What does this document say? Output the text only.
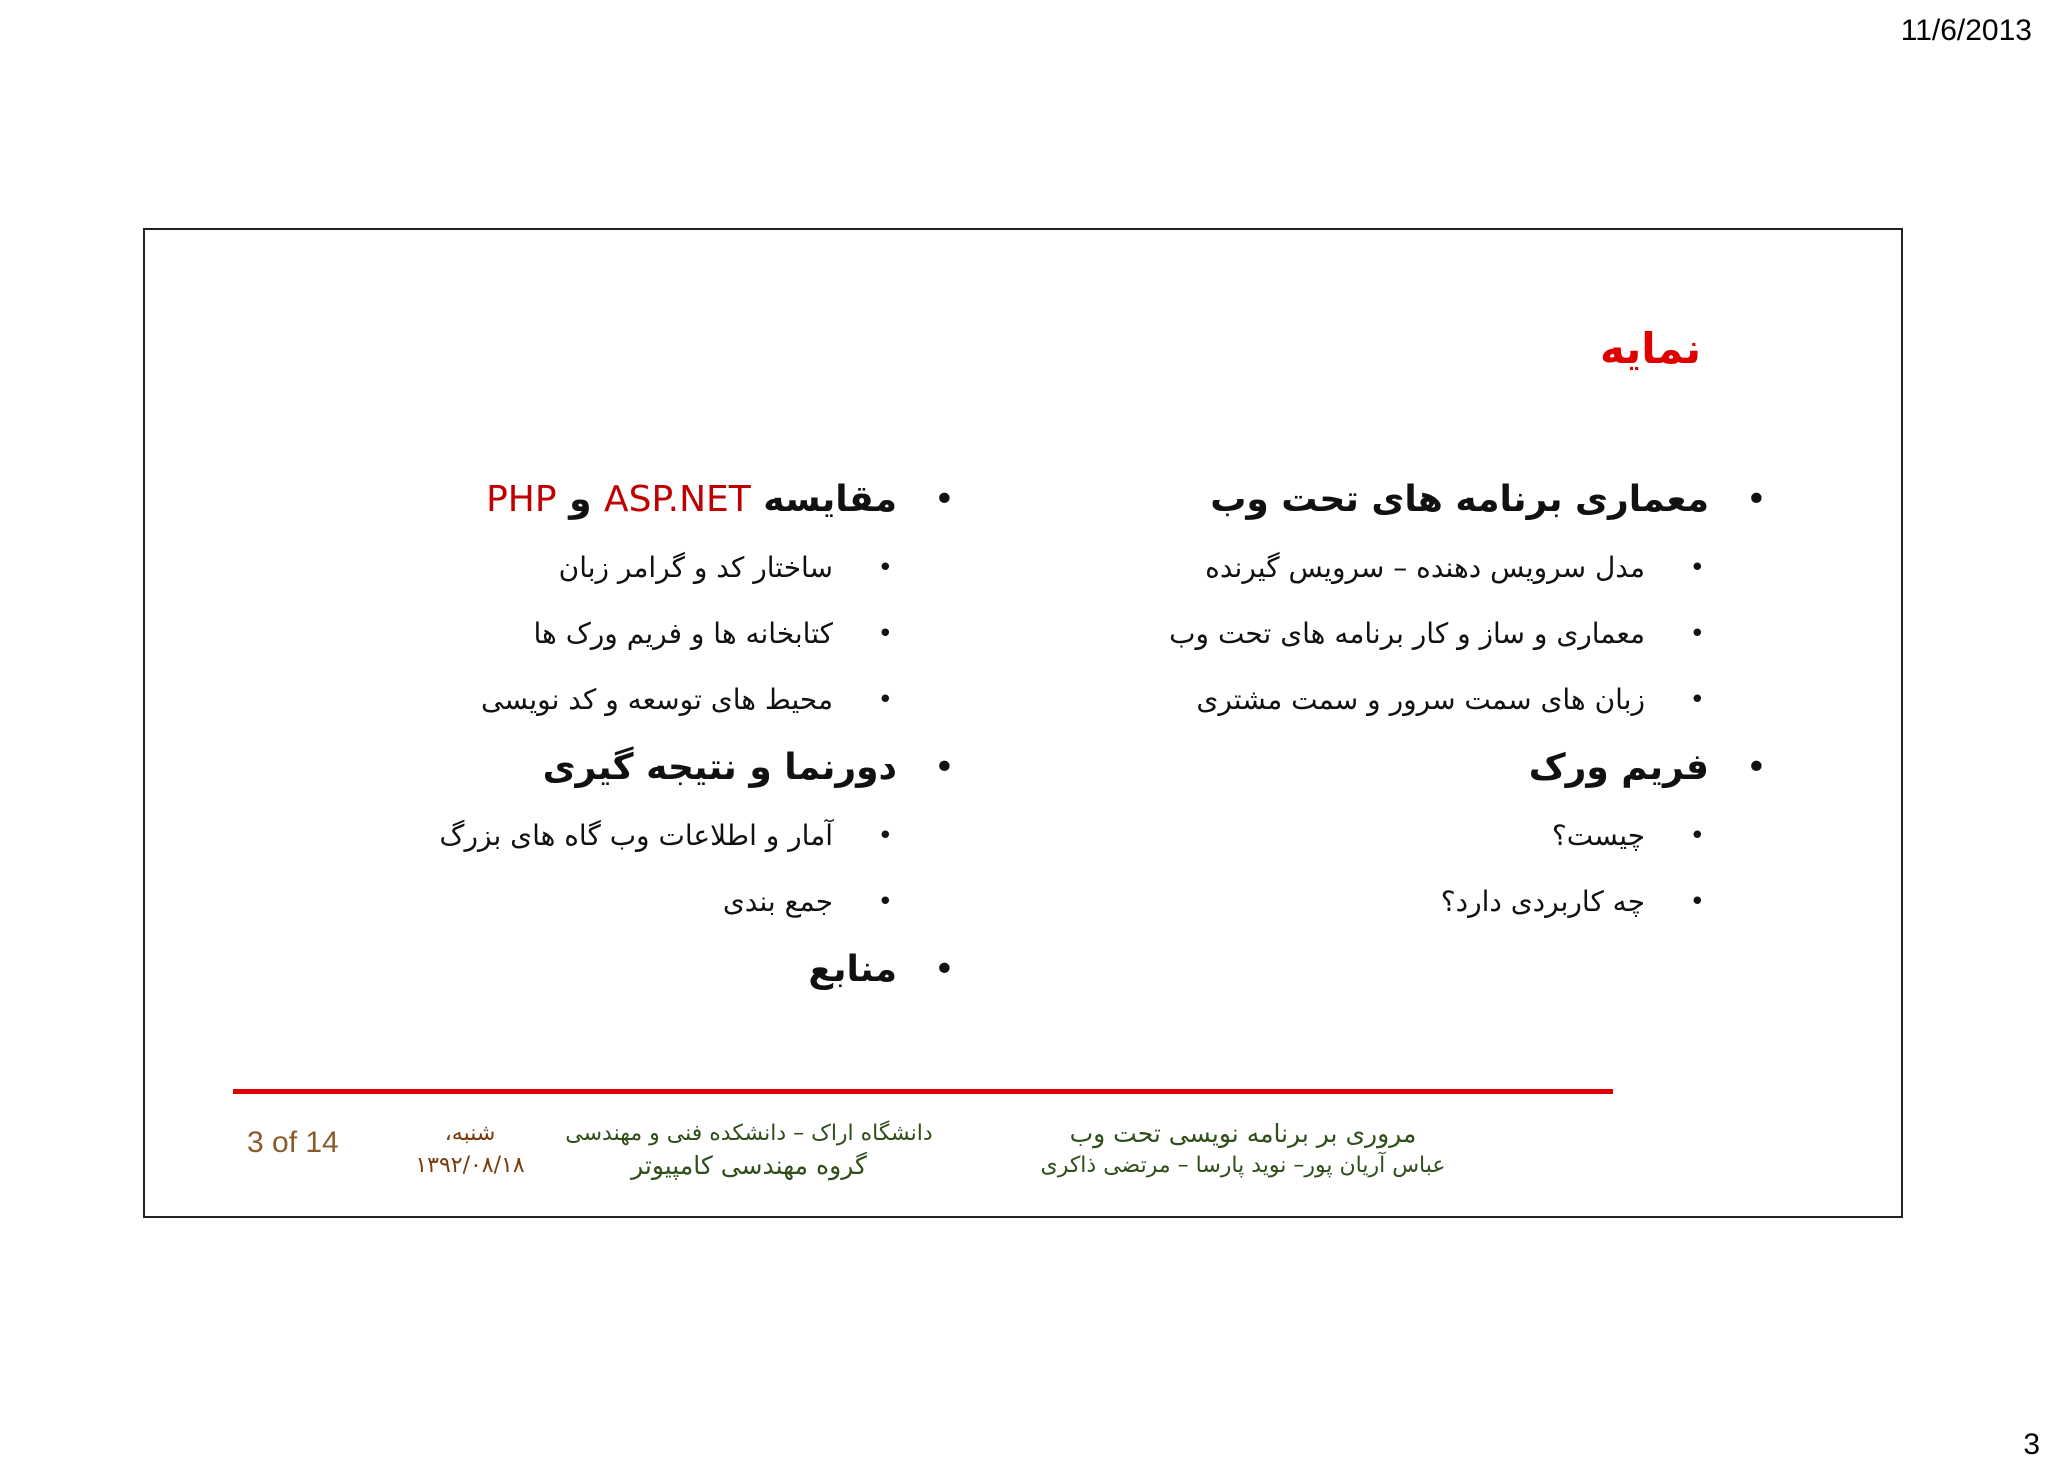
11/6/2013
نمایه
• معماری برنامه های تحت وب
• مدل سرویس دهنده – سرویس گیرنده
• معماری و ساز و کار برنامه های تحت وب
• زبان های سمت سرور و سمت مشتری
• فریم ورک
• چیست؟
• چه کاربردی دارد؟
• مقایسه ASP.NET و PHP
• ساختار کد و گرامر زبان
• کتابخانه ها و فریم ورک ها
• محیط های توسعه و کد نویسی
• دورنما و نتیجه گیری
• آمار و اطلاعات وب گاه های بزرگ
• جمع بندی
• منابع
مروری بر برنامه نویسی تحت وب
عباس آریان پور– نوید پارسا – مرتضی ذاکری
دانشگاه اراک – دانشکده فنی و مهندسی
گروه مهندسی کامپیوتر
شنبه،
۱۳۹۲/۰۸/۱۸
3 of 14
3
